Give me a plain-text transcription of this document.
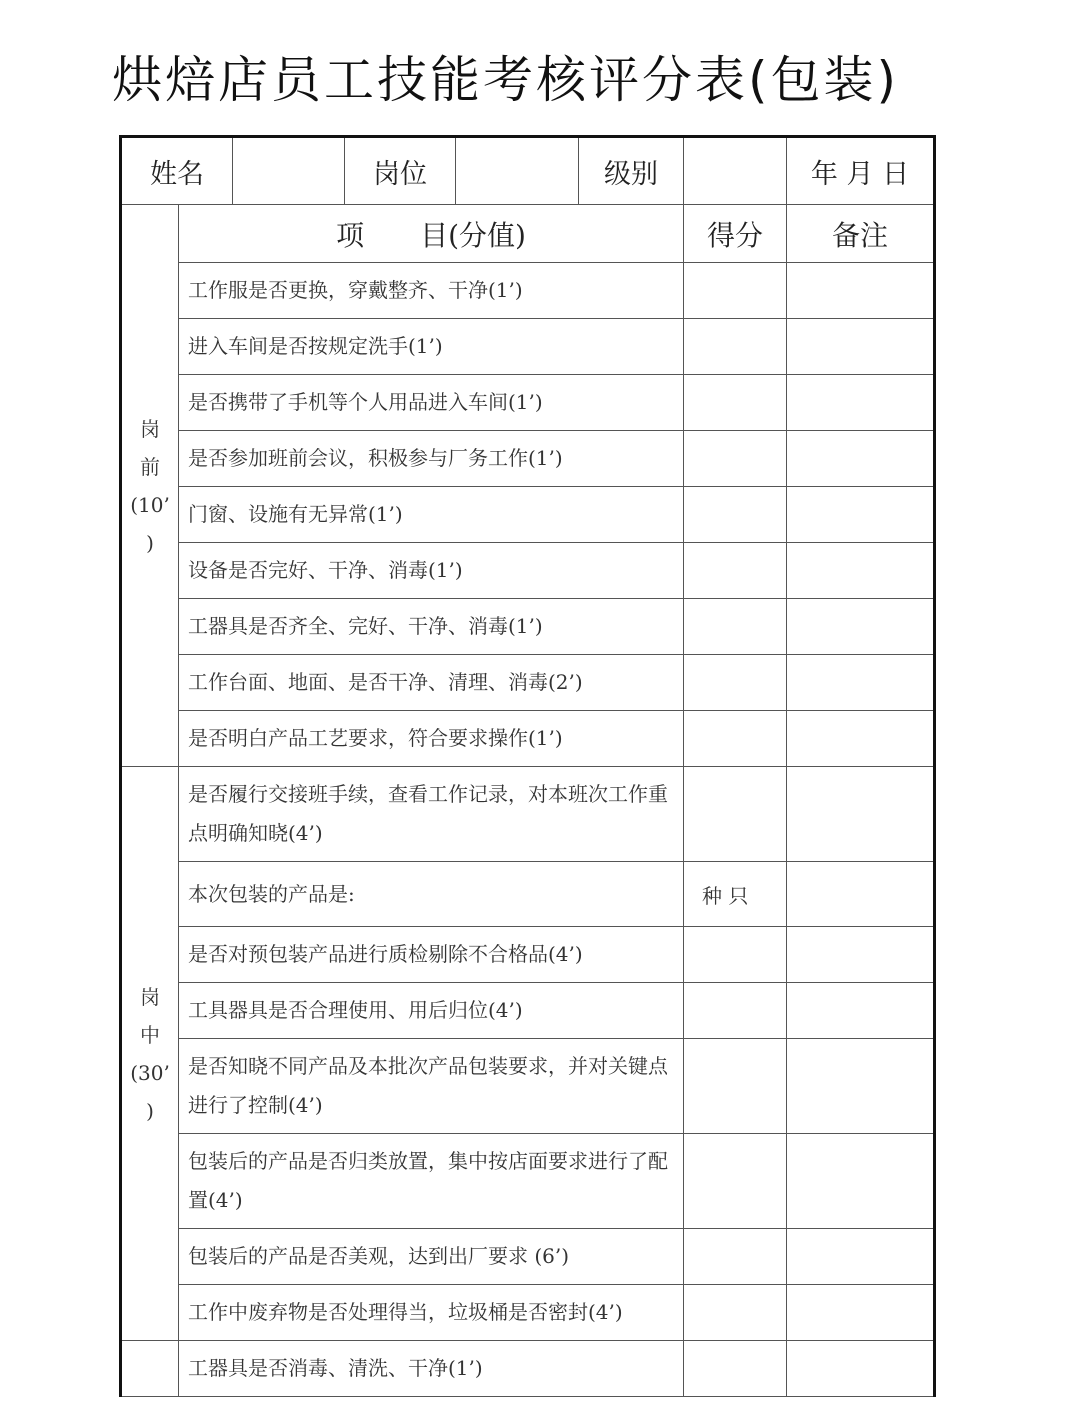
烘焙店员工技能考核评分表(包装)
姓名			岗位		级别		年 月 日

岗
前
(10’
)	项　　目(分值)					得分	备注
	工作服是否更换，穿戴整齐、干净(1’)						
	进入车间是否按规定洗手(1’)						
	是否携带了手机等个人用品进入车间(1’)						
	是否参加班前会议，积极参与厂务工作(1’)						
	门窗、设施有无异常(1’)						
	设备是否完好、干净、消毒(1’)						
	工器具是否齐全、完好、干净、消毒(1’)						
	工作台面、地面、是否干净、清理、消毒(2’)						
	是否明白产品工艺要求，符合要求操作(1’)						

岗
中
(30’
)	是否履行交接班手续，查看工作记录，对本班次工作重点明确知晓(4’)						
	本次包装的产品是:					种 只	
	是否对预包装产品进行质检剔除不合格品(4’)						
	工具器具是否合理使用、用后归位(4’)						
	是否知晓不同产品及本批次产品包装要求，并对关键点进行了控制(4’)						
	包装后的产品是否归类放置，集中按店面要求进行了配置(4’)						
	包装后的产品是否美观，达到出厂要求 (6’)						
	工作中废弃物是否处理得当，垃圾桶是否密封(4’)						
	工器具是否消毒、清洗、干净(1’)						
